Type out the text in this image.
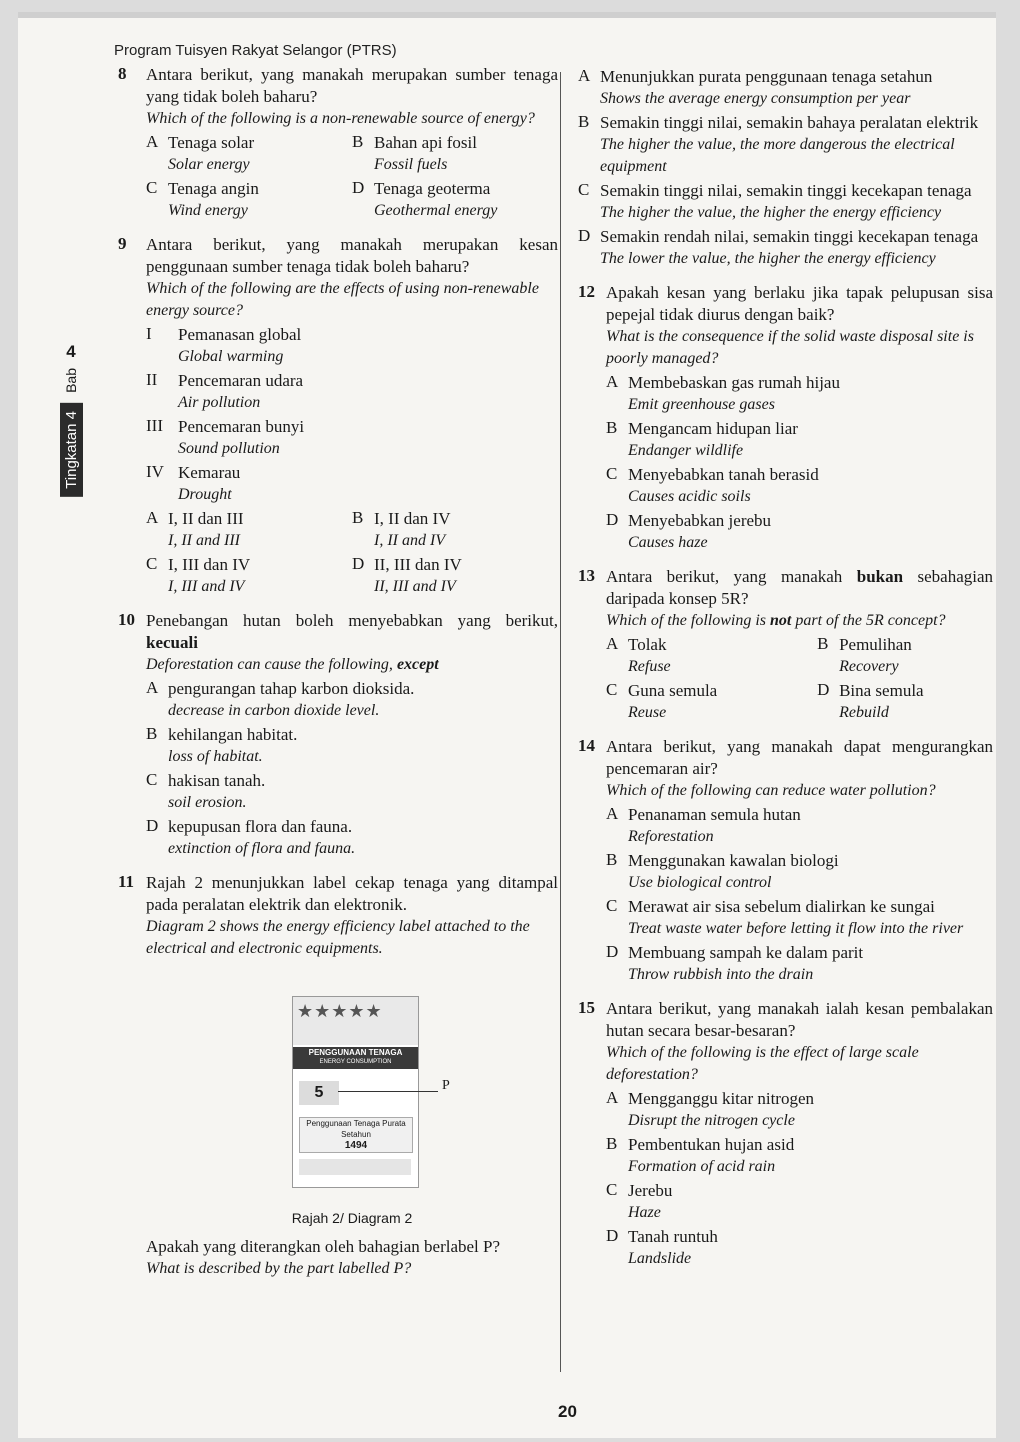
Program Tuisyen Rakyat Selangor (PTRS)
4
Bab
Tingkatan 4
8 Antara berikut, yang manakah merupakan sumber tenaga yang tidak boleh baharu?
Which of the following is a non-renewable source of energy?
A Tenaga solar
Solar energy
B Bahan api fosil
Fossil fuels
C Tenaga angin
Wind energy
D Tenaga geoterma
Geothermal energy
9 Antara berikut, yang manakah merupakan kesan penggunaan sumber tenaga tidak boleh baharu?
Which of the following are the effects of using non-renewable energy source?
I	Pemanasan global
Global warming
II	Pencemaran udara
Air pollution
III Pencemaran bunyi
Sound pollution
IV Kemarau
Drought
A I, II dan III
I, II and III
B I, II dan IV
I, II and IV
C I, III dan IV
I, III and IV
D II, III dan IV
II, III and IV
10 Penebangan hutan boleh menyebabkan yang berikut, kecuali
Deforestation can cause the following, except
A pengurangan tahap karbon dioksida.
decrease in carbon dioxide level.
B kehilangan habitat.
loss of habitat.
C hakisan tanah.
soil erosion.
D kepupusan flora dan fauna.
extinction of flora and fauna.
11 Rajah 2 menunjukkan label cekap tenaga yang ditampal pada peralatan elektrik dan elektronik.
Diagram 2 shows the energy efficiency label attached to the electrical and electronic equipments.
★★★★★
PENGGUNAAN TENAGA
ENERGY CONSUMPTION
5
Penggunaan Tenaga Purata Setahun
1494
P
Rajah 2/ Diagram 2
Apakah yang diterangkan oleh bahagian berlabel P?
What is described by the part labelled P?
A Menunjukkan purata penggunaan tenaga setahun
Shows the average energy consumption per year
B Semakin tinggi nilai, semakin bahaya peralatan elektrik
The higher the value, the more dangerous the electrical equipment
C Semakin tinggi nilai, semakin tinggi kecekapan tenaga
The higher the value, the higher the energy efficiency
D Semakin rendah nilai, semakin tinggi kecekapan tenaga
The lower the value, the higher the energy efficiency
12 Apakah kesan yang berlaku jika tapak pelupusan sisa pepejal tidak diurus dengan baik?
What is the consequence if the solid waste disposal site is poorly managed?
A Membebaskan gas rumah hijau
Emit greenhouse gases
B Mengancam hidupan liar
Endanger wildlife
C Menyebabkan tanah berasid
Causes acidic soils
D Menyebabkan jerebu
Causes haze
13 Antara berikut, yang manakah bukan sebahagian daripada konsep 5R?
Which of the following is not part of the 5R concept?
A Tolak
Refuse
B Pemulihan
Recovery
C Guna semula
Reuse
D Bina semula
Rebuild
14 Antara berikut, yang manakah dapat mengurangkan pencemaran air?
Which of the following can reduce water pollution?
A Penanaman semula hutan
Reforestation
B Menggunakan kawalan biologi
Use biological control
C Merawat air sisa sebelum dialirkan ke sungai
Treat waste water before letting it flow into the river
D Membuang sampah ke dalam parit
Throw rubbish into the drain
15 Antara berikut, yang manakah ialah kesan pembalakan hutan secara besar-besaran?
Which of the following is the effect of large scale deforestation?
A Mengganggu kitar nitrogen
Disrupt the nitrogen cycle
B Pembentukan hujan asid
Formation of acid rain
C Jerebu
Haze
D Tanah runtuh
Landslide
20
